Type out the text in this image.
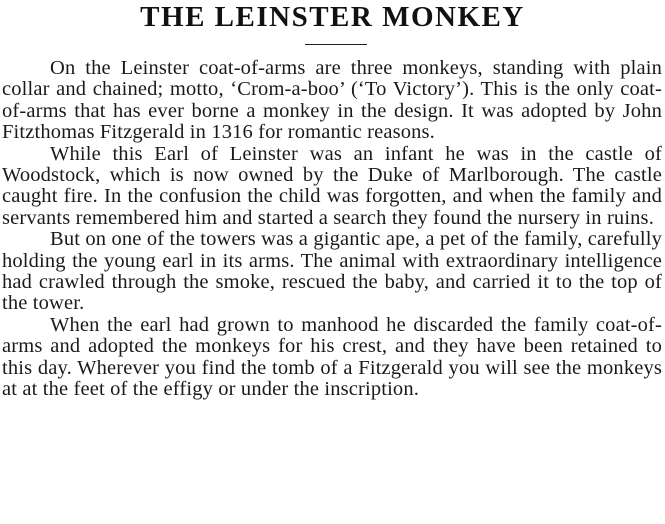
THE LEINSTER MONKEY

On the Leinster coat-of-arms are three monkeys, standing with plain collar and chained; motto, ‘Crom-a-boo’ (‘To Victory’). This is the only coat-of-arms that has ever borne a monkey in the design. It was adopted by John Fitzthomas Fitzgerald in 1316 for romantic reasons.

While this Earl of Leinster was an infant he was in the castle of Woodstock, which is now owned by the Duke of Marlborough. The castle caught fire. In the confusion the child was forgotten, and when the family and servants remembered him and started a search they found the nursery in ruins.

But on one of the towers was a gigantic ape, a pet of the family, carefully holding the young earl in its arms. The animal with extraordinary intelligence had crawled through the smoke, rescued the baby, and carried it to the top of the tower.

When the earl had grown to manhood he discarded the family coat-of-arms and adopted the monkeys for his crest, and they have been retained to this day. Wherever you find the tomb of a Fitzgerald you will see the monkeys at at the feet of the effigy or under the inscription.
